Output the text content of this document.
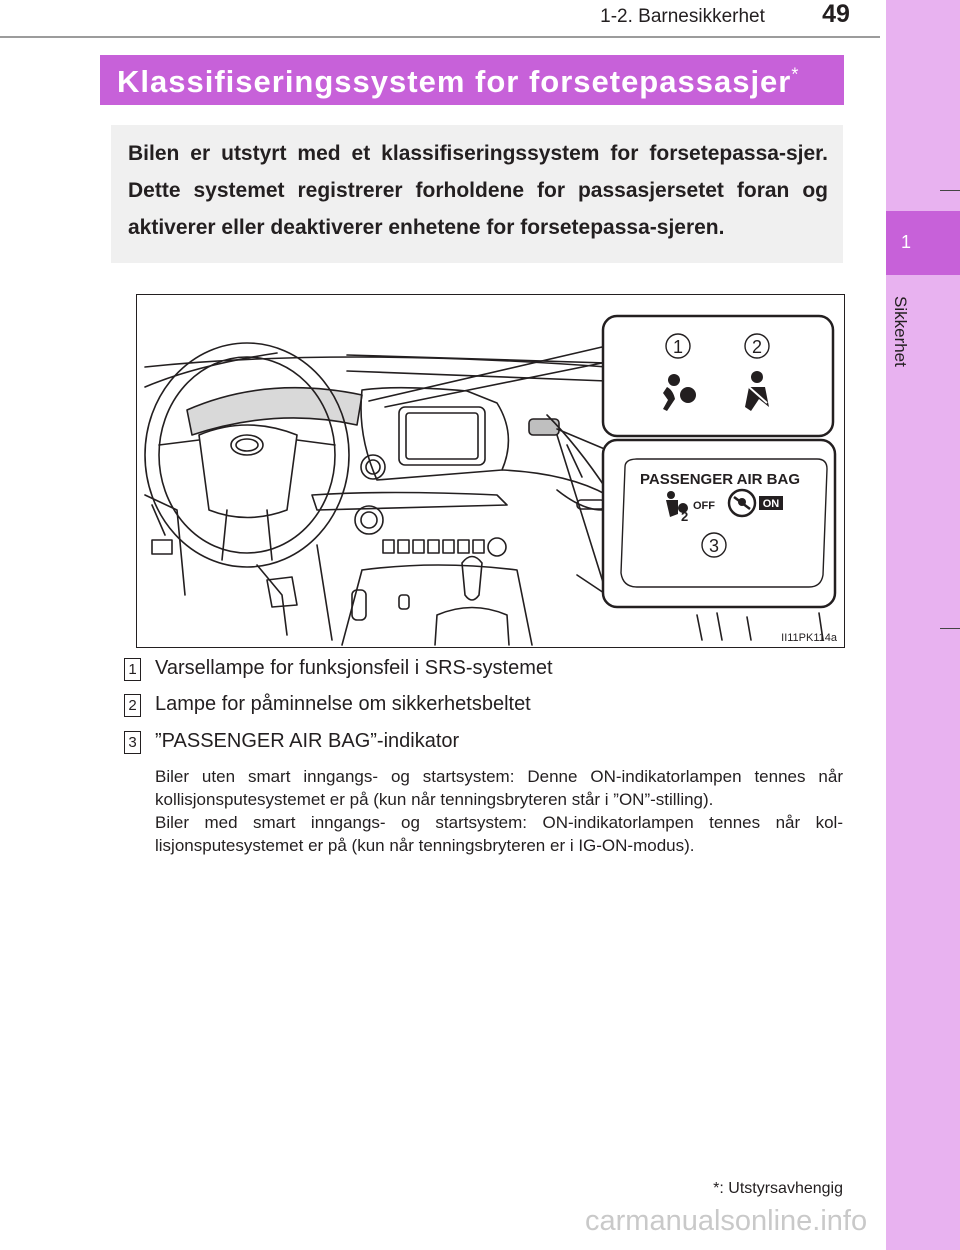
1-2. Barnesikkerhet	49
1
Sikkerhet
Klassifiseringssystem for forsetepassasjer*

Bilen er utstyrt med et klassifiseringssystem for forsetepassa-sjer. Dette systemet registrerer forholdene for passasjersetet foran og aktiverer eller deaktiverer enhetene for forsetepassa-sjeren.

1	2
PASSENGER AIR BAG
2
OFF	ON
3
II11PK114a
1 Varsellampe for funksjonsfeil i SRS-systemet
2 Lampe for påminnelse om sikkerhetsbeltet
3 ”PASSENGER AIR BAG”-indikator

Biler uten smart inngangs- og startsystem: Denne ON-indikatorlampen tennes når kollisjonsputesystemet er på (kun når tenningsbryteren står i ”ON”-stilling).

Biler med smart inngangs- og startsystem: ON-indikatorlampen tennes når kol-lisjonsputesystemet er på (kun når tenningsbryteren er i IG-ON-modus).

*: Utstyrsavhengig
carmanualsonline.info
